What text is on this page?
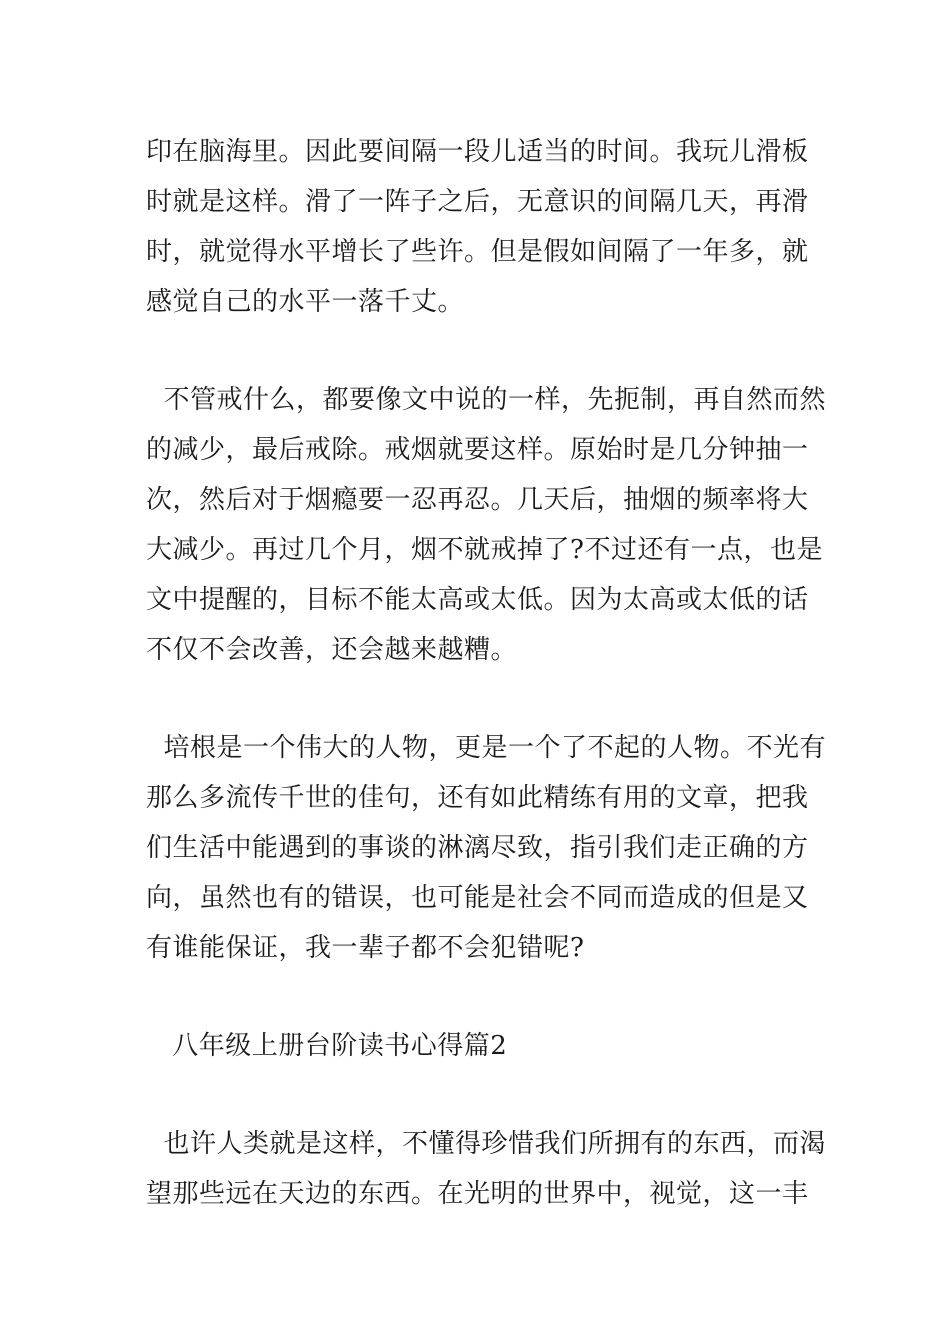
印在脑海里。因此要间隔一段儿适当的时间。我玩儿滑板
时就是这样。滑了一阵子之后，无意识的间隔几天，再滑
时，就觉得水平增长了些许。但是假如间隔了一年多，就
感觉自己的水平一落千丈。
不管戒什么，都要像文中说的一样，先扼制，再自然而然
的减少，最后戒除。戒烟就要这样。原始时是几分钟抽一
次，然后对于烟瘾要一忍再忍。几天后，抽烟的频率将大
大减少。再过几个月，烟不就戒掉了?不过还有一点，也是
文中提醒的，目标不能太高或太低。因为太高或太低的话
不仅不会改善，还会越来越糟。
培根是一个伟大的人物，更是一个了不起的人物。不光有
那么多流传千世的佳句，还有如此精练有用的文章，把我
们生活中能遇到的事谈的淋漓尽致，指引我们走正确的方
向，虽然也有的错误，也可能是社会不同而造成的但是又
有谁能保证，我一辈子都不会犯错呢?
八年级上册台阶读书心得篇2
也许人类就是这样，不懂得珍惜我们所拥有的东西，而渴
望那些远在天边的东西。在光明的世界中，视觉，这一丰
